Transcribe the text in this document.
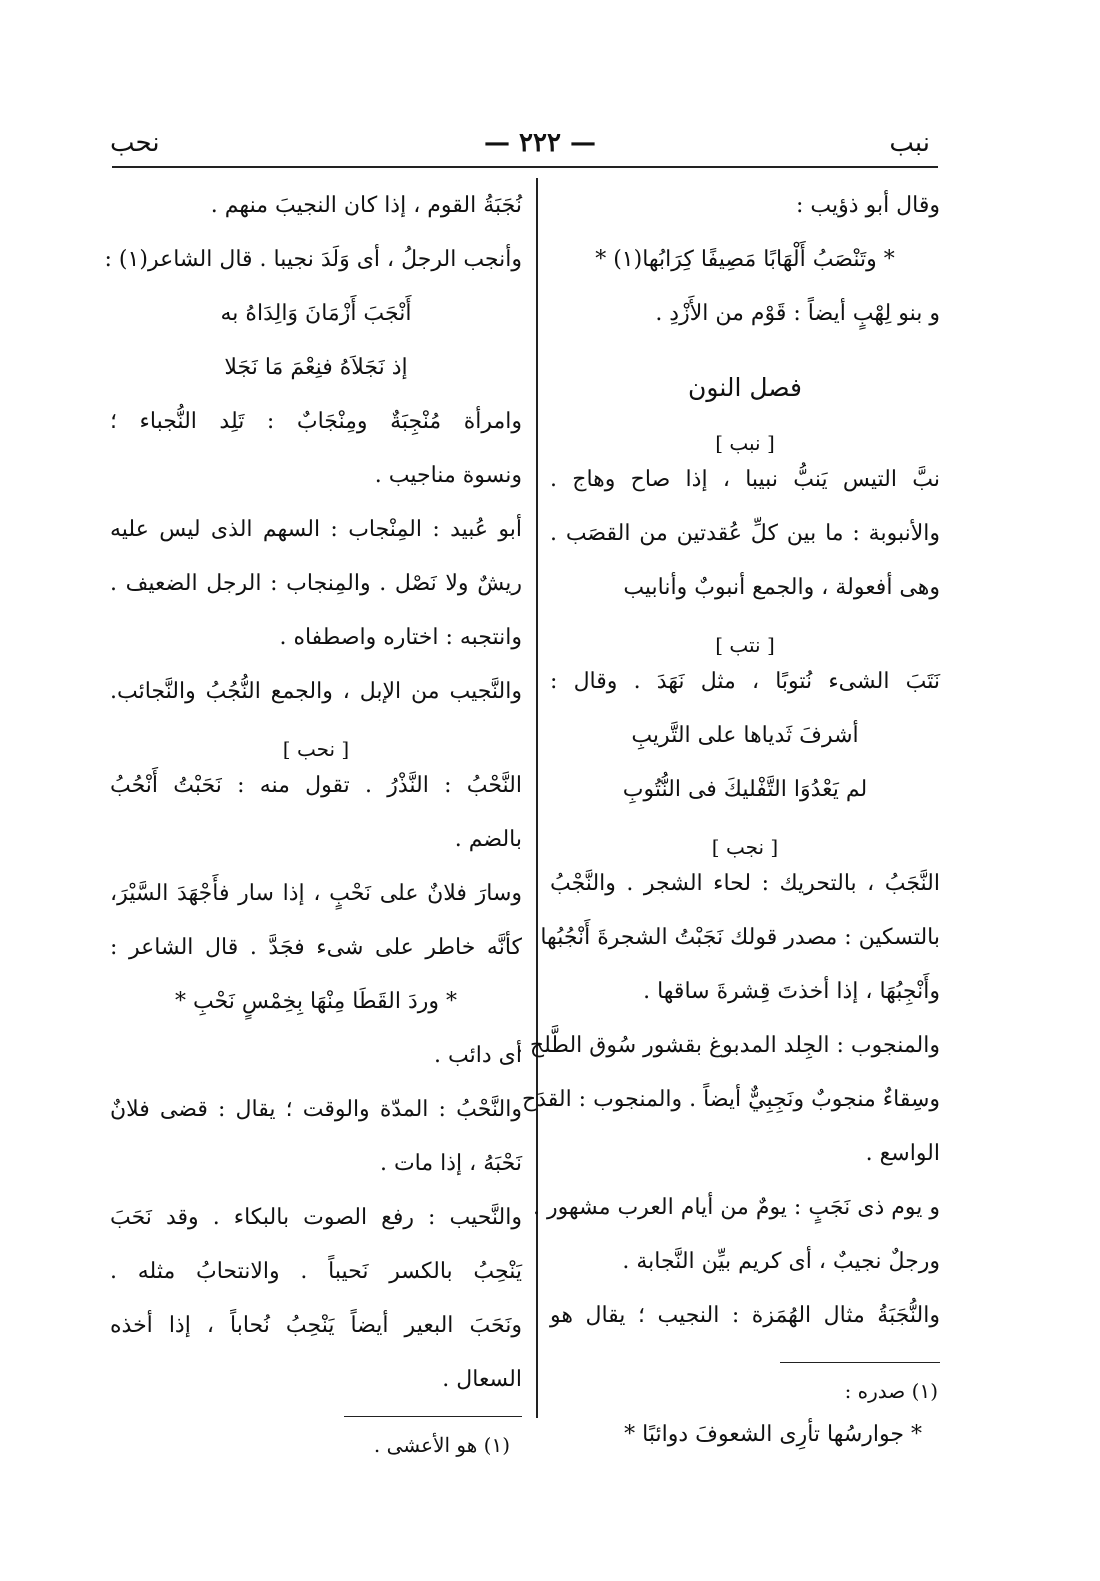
نحب	— ٢٢٢ —	نبب

وقال أبو ذؤيب :

* وتَنْصَبُ أَلْهَابًا مَصِيفًا كِرَابُها(١) *

و بنو لِهْبٍ أيضاً : قَوْم من الأَزْدِ .

فصل النون
[ نبب ]

نبَّ التيس يَنبُّ نبيبا ، إذا صاح وهاج .

والأنبوبة : ما بين كلِّ عُقدتين من القصَب .

وهى أفعولة ، والجمع أنبوبٌ وأنابيب

[ نتب ]

نَتَبَ الشىء نُتوبًا ، مثل نَهَدَ . وقال :

أشرفَ ثَدياها على التَّريبِ

لم يَعْدُوَا التَّفْليكَ فى النُّتُوبِ

[ نجب ]

النَّجَبُ ، بالتحريك : لحاء الشجر . والنَّجْبُ

بالتسكين : مصدر قولك نَجَبْتُ الشجرةَ أَنْجُبُها

وأَنْجِبُهَا ، إذا أخذتَ قِشرةَ ساقها .

والمنجوب : الجِلد المدبوغ بقشور سُوق الطَّلح .

وسِقاءٌ منجوبٌ ونَجِبِيٌّ أيضاً . والمنجوب : القدَح

الواسع .

و يوم ذى نَجَبٍ : يومٌ من أيام العرب مشهور .

ورجلٌ نجيبٌ ، أى كريم بيِّن النَّجابة .

والنُّجَبَةُ مثال الهُمَزة : النجيب ؛ يقال هو

(١) صدره :
* جوارسُها تأرِى الشعوفَ دوائبًا *

نُجَبَةُ القوم ، إذا كان النجيبَ منهم .

وأنجب الرجلُ ، أى وَلَدَ نجيبا . قال الشاعر(١) :

أَنْجَبَ أَزْمَانَ وَالِدَاهُ به

إذ نَجَلاَهُ فنِعْمَ مَا نَجَلا

وامرأة مُنْجِبَةٌ ومِنْجَابٌ : تَلِد النُّجباء ؛

ونسوة مناجيب .

أبو عُبيد : المِنْجاب : السهم الذى ليس عليه

ريشٌ ولا نَصْل . والمِنجاب : الرجل الضعيف .

وانتجبه : اختاره واصطفاه .

والنَّجيب من الإبل ، والجمع النُّجُبُ والنَّجائب.

[ نحب ]

النَّحْبُ : النَّذْرُ . تقول منه : نَحَبْتُ أَنْحُبُ

بالضم .

وسارَ فلانٌ على نَحْبٍ ، إذا سار فأَجْهَدَ السَّيْرَ،

كأنَّه خاطر على شىء فجَدَّ . قال الشاعر :

* وردَ القَطَا مِنْهَا بِخِمْسٍ نَحْبِ *

أى دائب .

والنَّحْبُ : المدّة والوقت ؛ يقال : قضى فلانٌ

نَحْبَهُ ، إذا مات .

والنَّحيب : رفع الصوت بالبكاء . وقد نَحَبَ

يَنْحِبُ بالكسر نَحيباً . والانتحابُ مثله .

ونَحَبَ البعير أيضاً يَنْحِبُ نُحاباً ، إذا أخذه

السعال .

(١) هو الأعشى .
